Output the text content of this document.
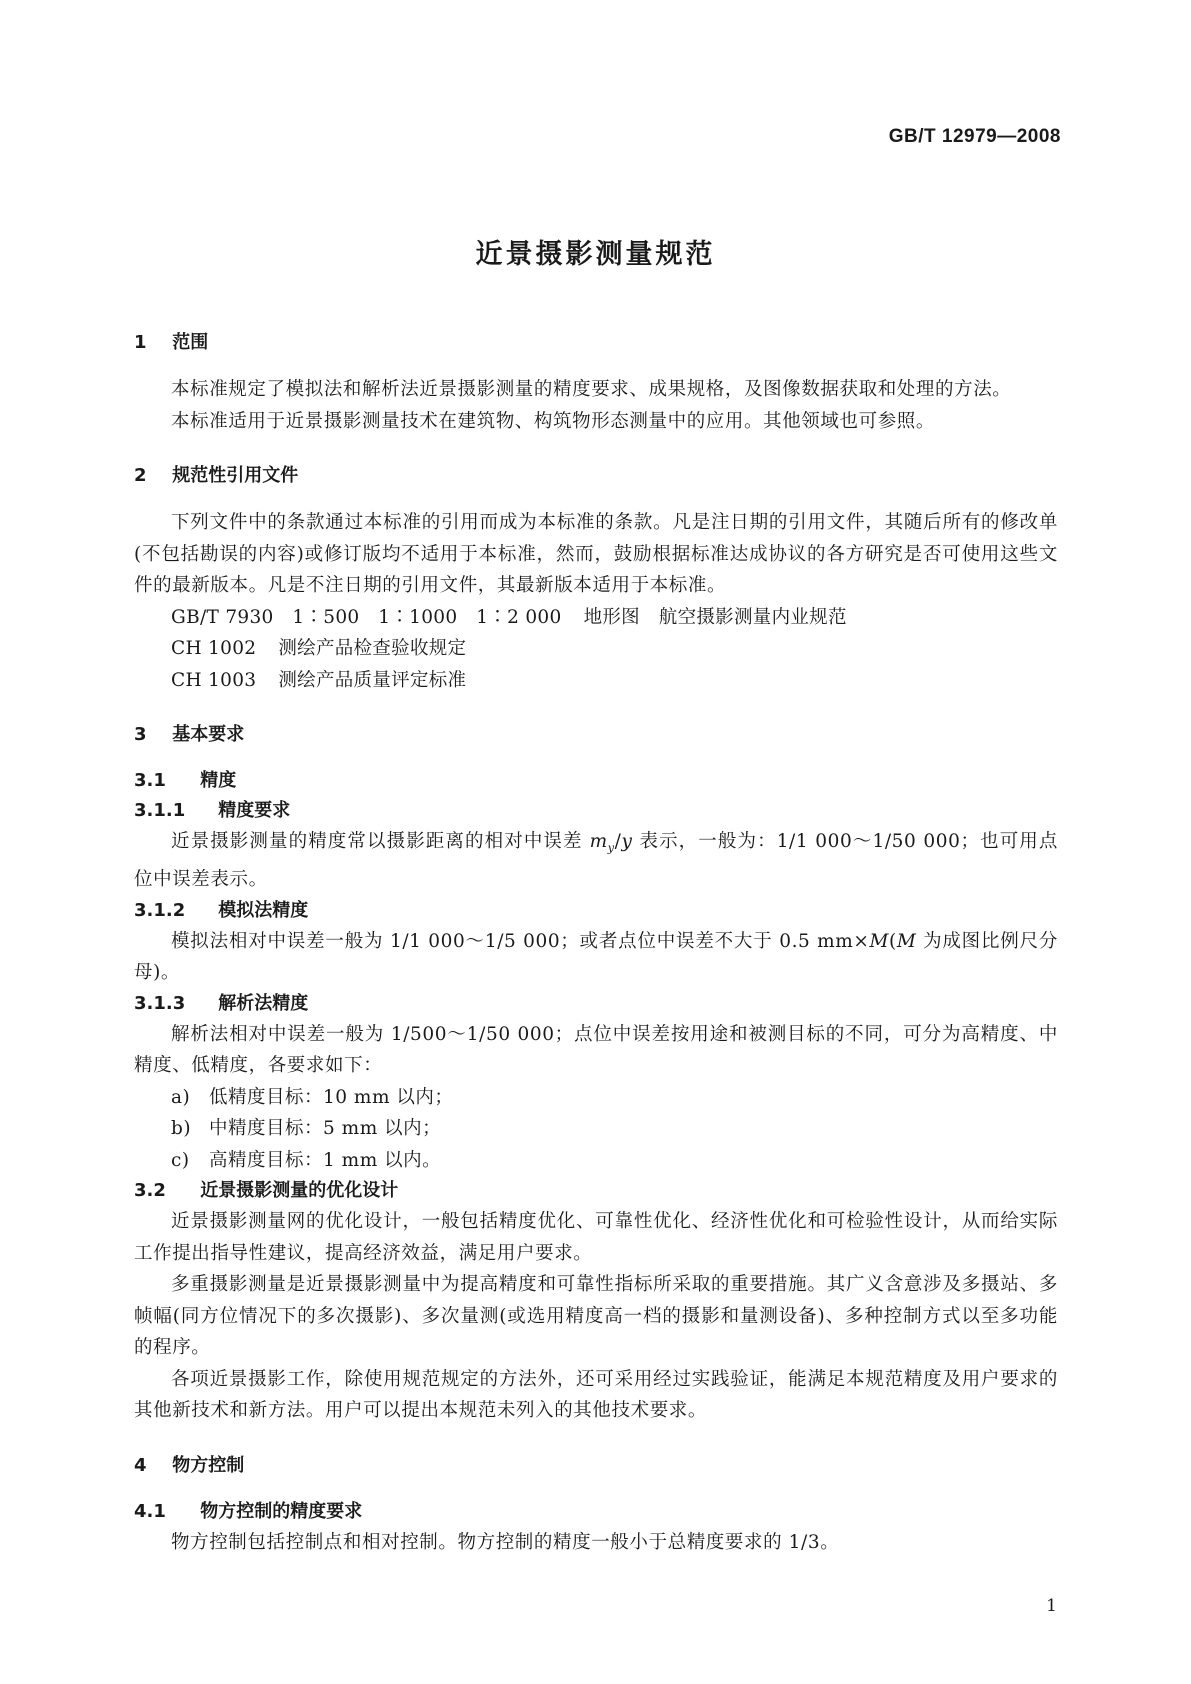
GB/T 12979—2008
近景摄影测量规范
1 范围

本标准规定了模拟法和解析法近景摄影测量的精度要求、成果规格，及图像数据获取和处理的方法。

本标准适用于近景摄影测量技术在建筑物、构筑物形态测量中的应用。其他领域也可参照。

2 规范性引用文件

下列文件中的条款通过本标准的引用而成为本标准的条款。凡是注日期的引用文件，其随后所有的修改单(不包括勘误的内容)或修订版均不适用于本标准，然而，鼓励根据标准达成协议的各方研究是否可使用这些文件的最新版本。凡是不注日期的引用文件，其最新版本适用于本标准。

GB/T 7930　1∶500　1∶1000　1∶2 000 地形图　航空摄影测量内业规范
CH 1002 测绘产品检查验收规定
CH 1003 测绘产品质量评定标准
3 基本要求
3.1 精度
3.1.1 精度要求

近景摄影测量的精度常以摄影距离的相对中误差 $m_y/y$ 表示，一般为：1/1 000～1/50 000；也可用点位中误差表示。

3.1.2 模拟法精度

模拟法相对中误差一般为 1/1 000～1/5 000；或者点位中误差不大于 0.5 mm×M(M 为成图比例尺分母)。

3.1.3 解析法精度

解析法相对中误差一般为 1/500～1/50 000；点位中误差按用途和被测目标的不同，可分为高精度、中精度、低精度，各要求如下：

a) 低精度目标：10 mm 以内；
b) 中精度目标：5 mm 以内；
c) 高精度目标：1 mm 以内。
3.2 近景摄影测量的优化设计

近景摄影测量网的优化设计，一般包括精度优化、可靠性优化、经济性优化和可检验性设计，从而给实际工作提出指导性建议，提高经济效益，满足用户要求。

多重摄影测量是近景摄影测量中为提高精度和可靠性指标所采取的重要措施。其广义含意涉及多摄站、多帧幅(同方位情况下的多次摄影)、多次量测(或选用精度高一档的摄影和量测设备)、多种控制方式以至多功能的程序。

各项近景摄影工作，除使用规范规定的方法外，还可采用经过实践验证，能满足本规范精度及用户要求的其他新技术和新方法。用户可以提出本规范未列入的其他技术要求。

4 物方控制
4.1 物方控制的精度要求

物方控制包括控制点和相对控制。物方控制的精度一般小于总精度要求的 1/3。

1
